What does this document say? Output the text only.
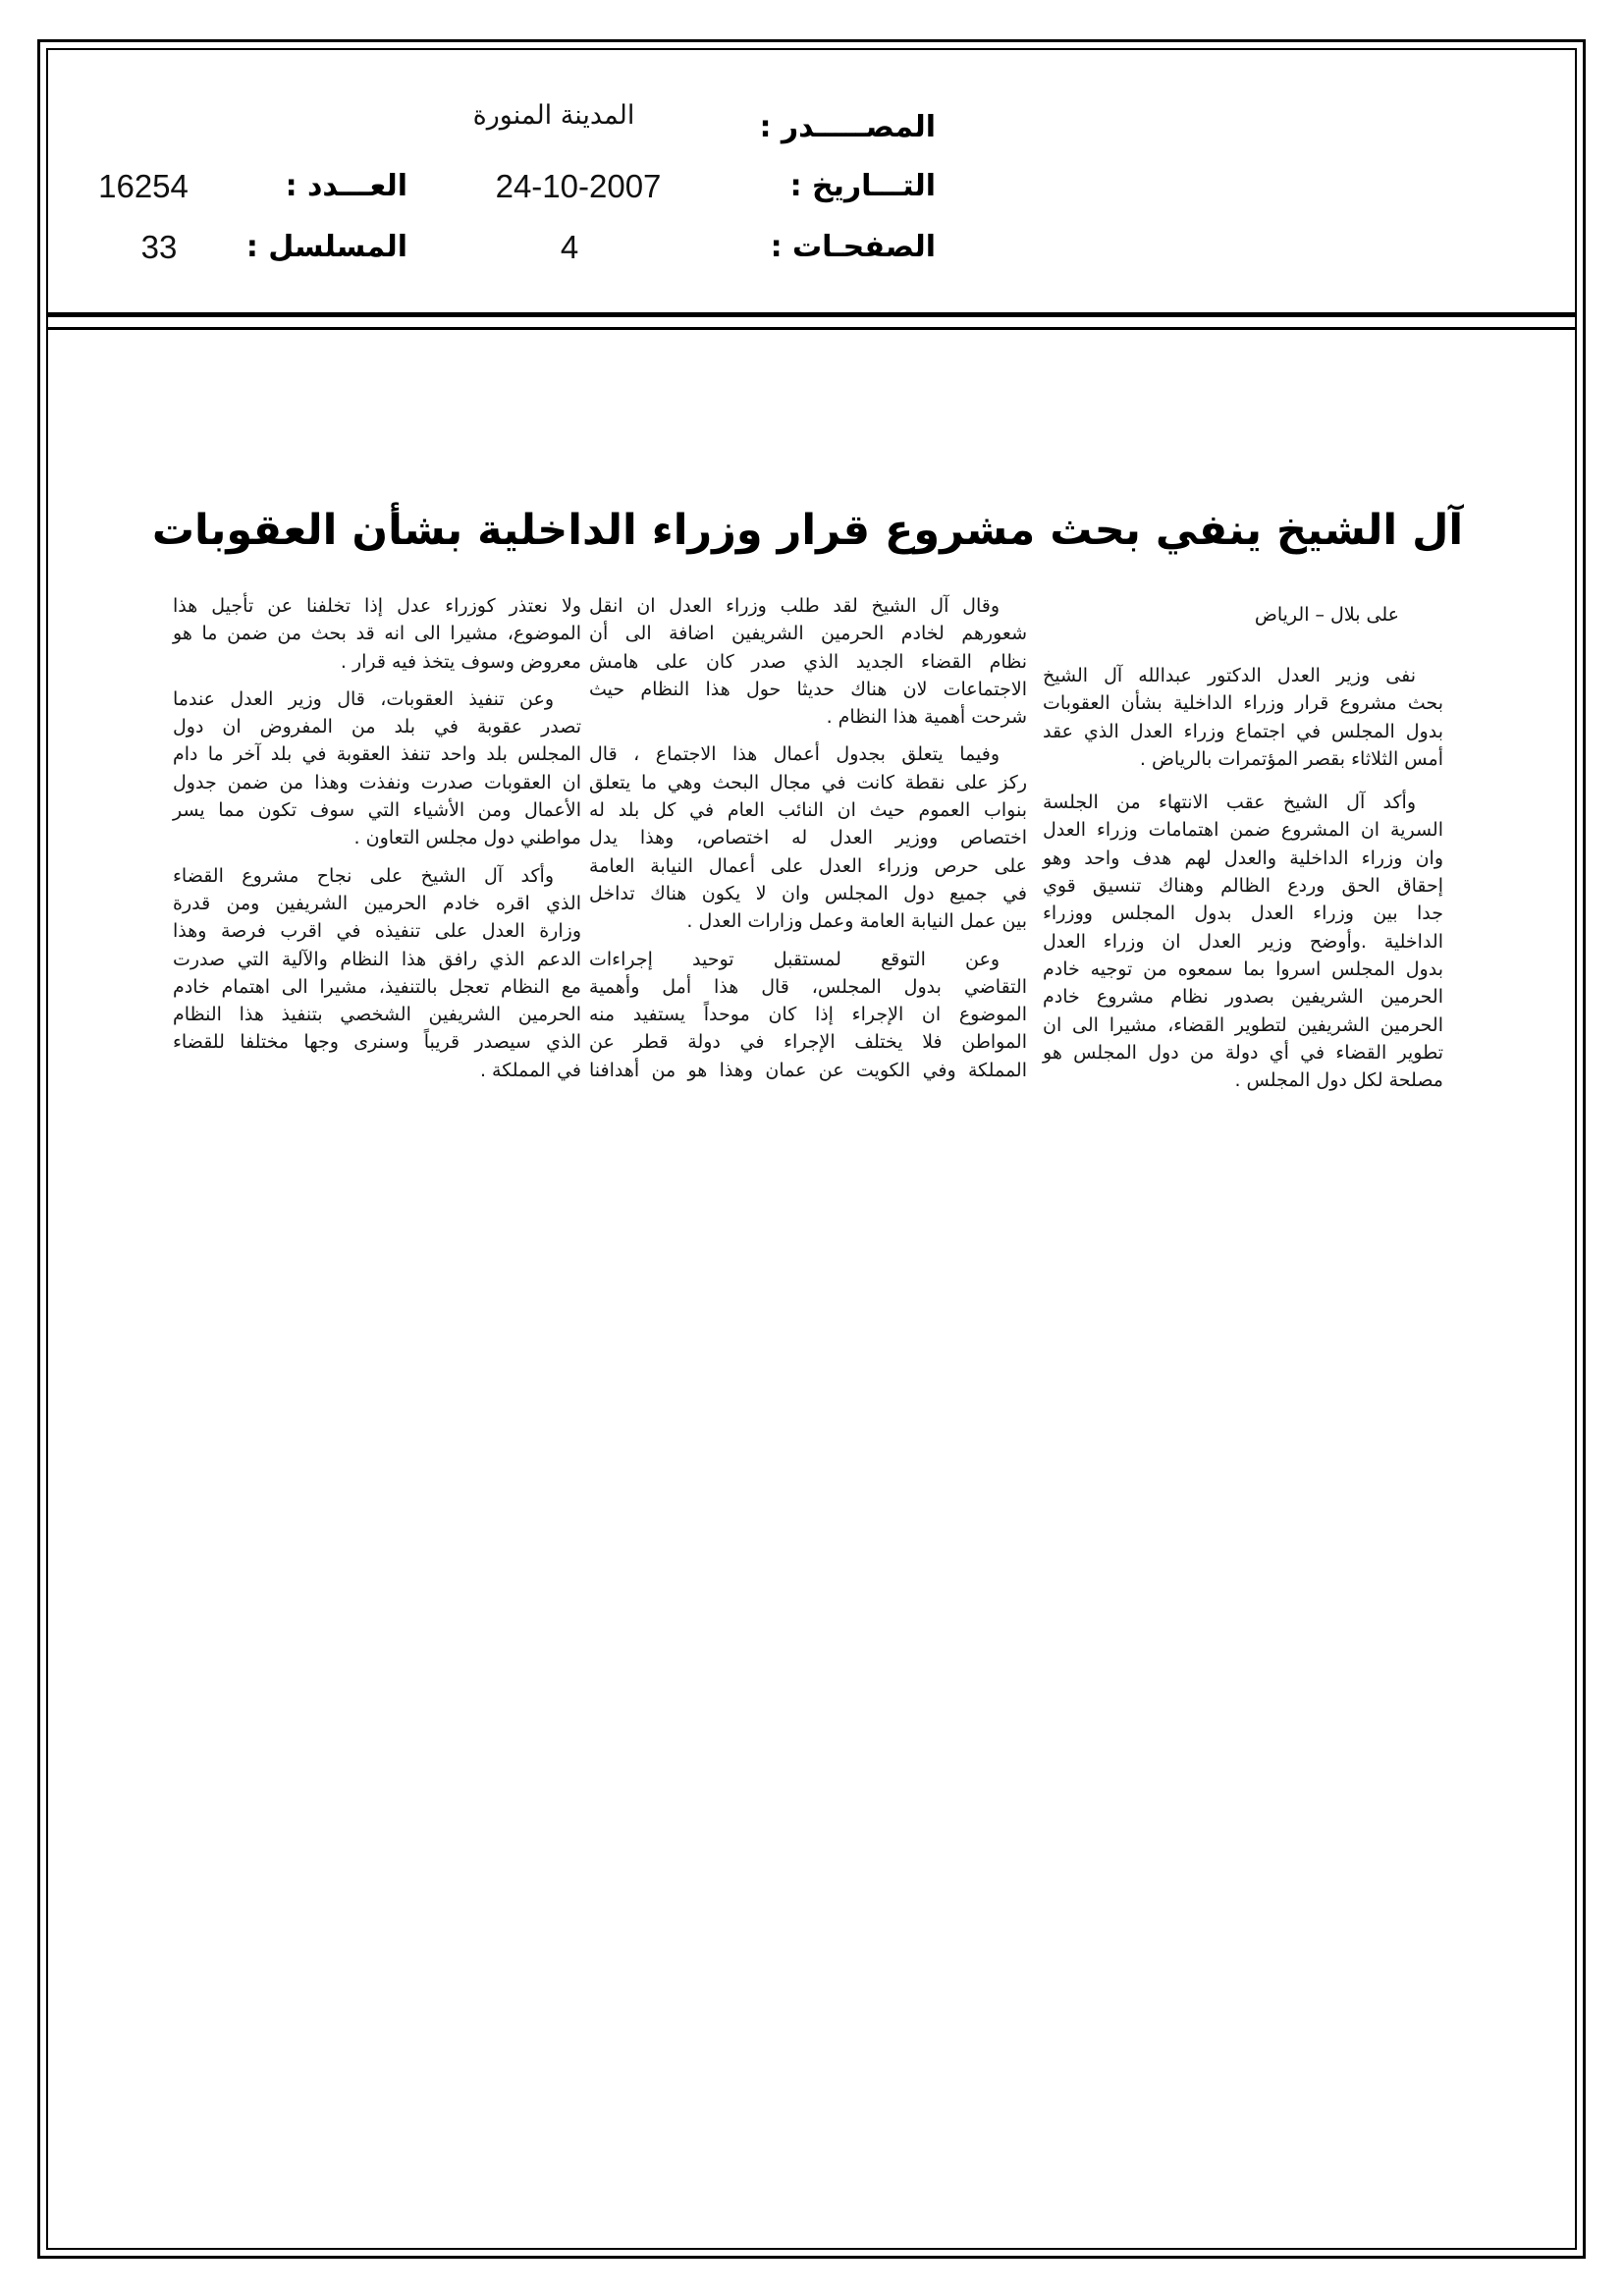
المصـــــدر :
المدينة المنورة
التـــاريخ :
24-10-2007
الصفحـات :
4
العـــدد :
16254
المسلسل :
33
آل الشيخ ينفي بحث مشروع قرار وزراء الداخلية بشأن العقوبات
على بلال – الرياض
نفى وزير العدل الدكتور عبدالله آل الشيخ
بحث مشروع قرار وزراء الداخلية بشأن العقوبات
بدول المجلس في اجتماع وزراء العدل الذي عقد
أمس الثلاثاء بقصر المؤتمرات بالرياض .
وأكد آل الشيخ عقب الانتهاء من الجلسة
السرية ان المشروع ضمن اهتمامات وزراء العدل
وان وزراء الداخلية والعدل لهم هدف واحد وهو
إحقاق الحق وردع الظالم وهناك تنسيق قوي
جدا بين وزراء العدل بدول المجلس ووزراء
الداخلية .وأوضح وزير العدل ان وزراء العدل
بدول المجلس اسروا بما سمعوه من توجيه خادم
الحرمين الشريفين بصدور نظام مشروع خادم
الحرمين الشريفين لتطوير القضاء، مشيرا الى ان
تطوير القضاء في أي دولة من دول المجلس هو
مصلحة لكل دول المجلس .
وقال آل الشيخ لقد طلب وزراء العدل ان انقل
شعورهم لخادم الحرمين الشريفين اضافة الى أن
نظام القضاء الجديد الذي صدر كان على هامش
الاجتماعات لان هناك حديثا حول هذا النظام حيث
شرحت أهمية هذا النظام .
وفيما يتعلق بجدول أعمال هذا الاجتماع ، قال
ركز على نقطة كانت في مجال البحث وهي ما يتعلق
بنواب العموم حيث ان النائب العام في كل بلد له
اختصاص ووزير العدل له اختصاص، وهذا يدل
على حرص وزراء العدل على أعمال النيابة العامة
في جميع دول المجلس وان لا يكون هناك تداخل
بين عمل النيابة العامة وعمل وزارات العدل .
وعن التوقع لمستقبل توحيد إجراءات
التقاضي بدول المجلس، قال هذا أمل وأهمية
الموضوع ان الإجراء إذا كان موحداً يستفيد منه
المواطن فلا يختلف الإجراء في دولة قطر عن
المملكة وفي الكويت عن عمان وهذا هو من أهدافنا
ولا نعتذر كوزراء عدل إذا تخلفنا عن تأجيل هذا
الموضوع، مشيرا الى انه قد بحث من ضمن ما هو
معروض وسوف يتخذ فيه قرار .
وعن تنفيذ العقوبات، قال وزير العدل عندما
تصدر عقوبة في بلد من المفروض ان دول
المجلس بلد واحد تنفذ العقوبة في بلد آخر ما دام
ان العقوبات صدرت ونفذت وهذا من ضمن جدول
الأعمال ومن الأشياء التي سوف تكون مما يسر
مواطني دول مجلس التعاون .
وأكد آل الشيخ على نجاح مشروع القضاء
الذي اقره خادم الحرمين الشريفين ومن قدرة
وزارة العدل على تنفيذه في اقرب فرصة وهذا
الدعم الذي رافق هذا النظام والآلية التي صدرت
مع النظام تعجل بالتنفيذ، مشيرا الى اهتمام خادم
الحرمين الشريفين الشخصي بتنفيذ هذا النظام
الذي سيصدر قريباً وسنرى وجها مختلفا للقضاء
في المملكة .
